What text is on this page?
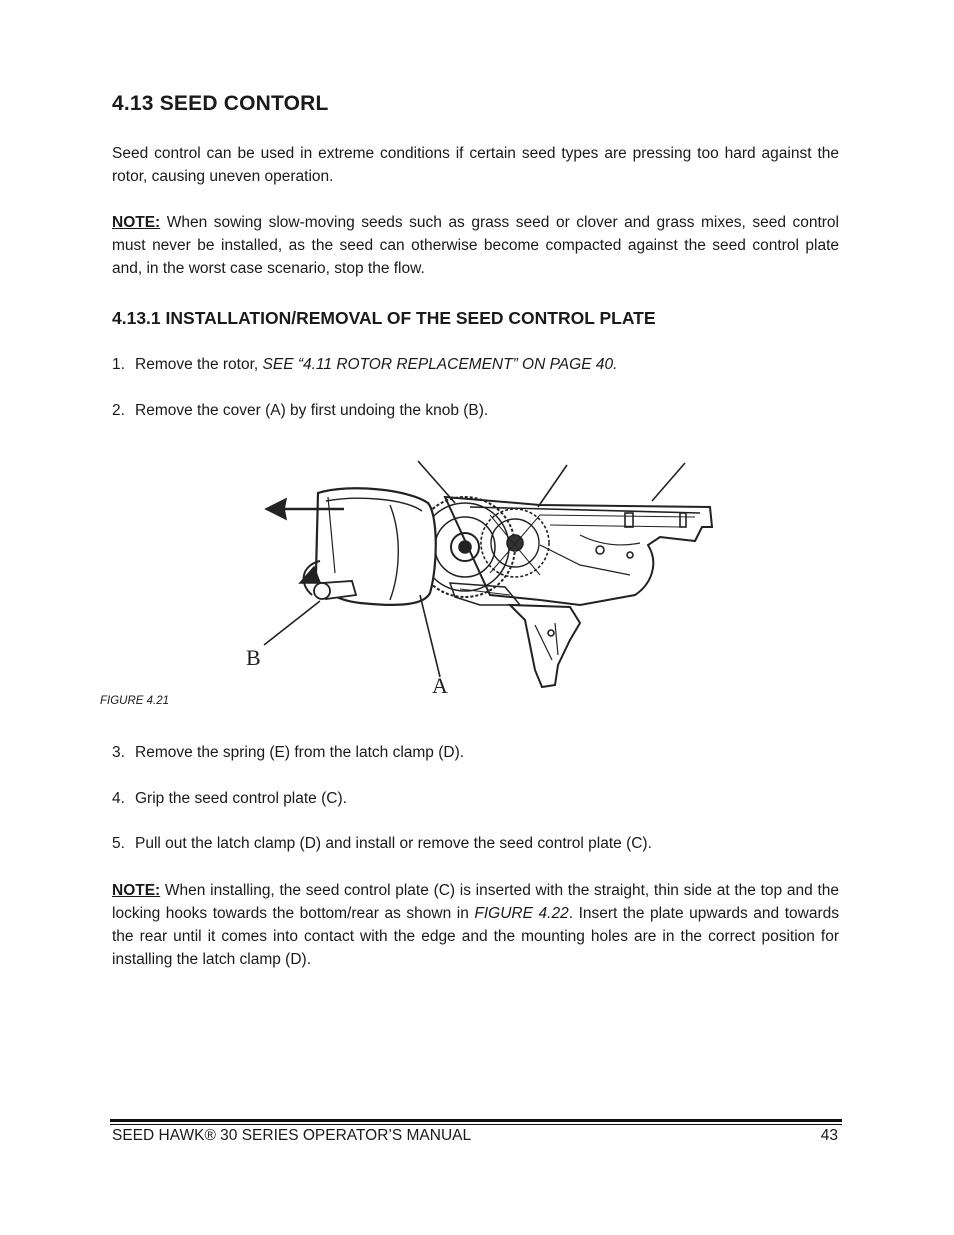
4.13 SEED CONTORL

Seed control can be used in extreme conditions if certain seed types are pressing too hard against the rotor, causing uneven operation.

NOTE: When sowing slow-moving seeds such as grass seed or clover and grass mixes, seed control must never be installed, as the seed can otherwise become compacted against the seed control plate and, in the worst case scenario, stop the flow.

4.13.1 INSTALLATION/REMOVAL OF THE SEED CONTROL PLATE

1. Remove the rotor, SEE “4.11 ROTOR REPLACEMENT” ON PAGE 40.

2. Remove the cover (A) by first undoing the knob (B).

B
A

FIGURE 4.21

3. Remove the spring (E) from the latch clamp (D).

4. Grip the seed control plate (C).

5. Pull out the latch clamp (D) and install or remove the seed control plate (C).

NOTE: When installing, the seed control plate (C) is inserted with the straight, thin side at the top and the locking hooks towards the bottom/rear as shown in FIGURE 4.22. Insert the plate upwards and towards the rear until it comes into contact with the edge and the mounting holes are in the correct position for installing the latch clamp (D).

SEED HAWK® 30 SERIES OPERATOR’S MANUAL	43
